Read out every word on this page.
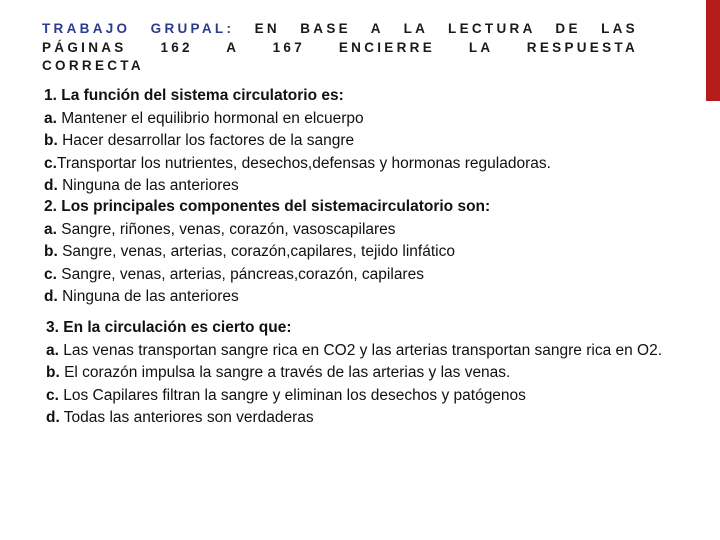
TRABAJO GRUPAL: EN BASE A LA LECTURA DE LAS
PÁGINAS 162 A 167 ENCIERRE LA RESPUESTA
CORRECTA
1. La función del sistema circulatorio es:
a. Mantener el equilibrio hormonal en elcuerpo
b. Hacer desarrollar los factores de la sangre
c.Transportar los nutrientes, desechos,defensas y hormonas reguladoras.
d. Ninguna de las anteriores
2. Los principales componentes del sistemacirculatorio son:
a. Sangre, riñones, venas, corazón, vasoscapilares
b. Sangre, venas, arterias, corazón,capilares, tejido linfático
c. Sangre, venas, arterias, páncreas,corazón, capilares
d. Ninguna de las anteriores
3. En la circulación es cierto que:
a. Las venas transportan sangre rica en CO2 y las arterias transportan sangre rica en O2.
b. El corazón impulsa la sangre a través de las arterias y las venas.
c. Los Capilares filtran la sangre y eliminan los desechos y patógenos
d. Todas las anteriores son verdaderas
